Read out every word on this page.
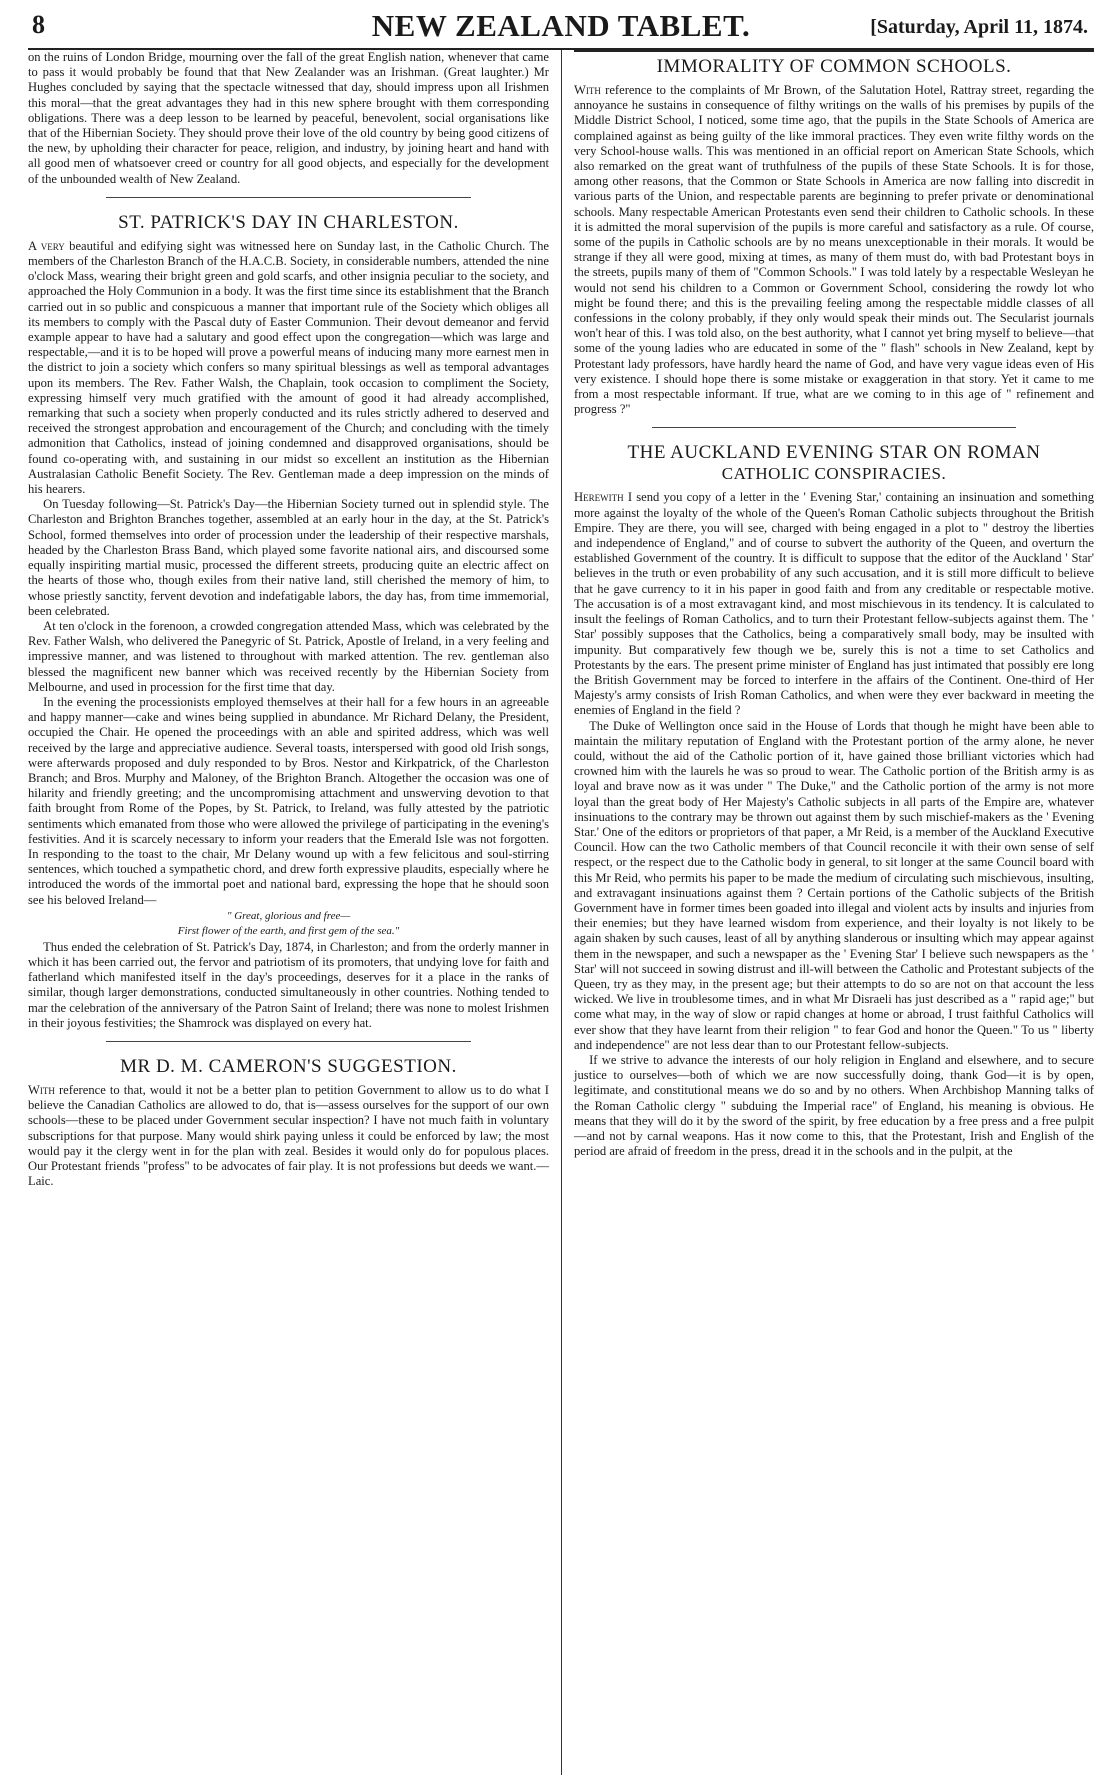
8	NEW ZEALAND TABLET.	[Saturday, April 11, 1874.

on the ruins of London Bridge, mourning over the fall of the great English nation, whenever that came to pass it would probably be found that that New Zealander was an Irishman. (Great laughter.) Mr Hughes concluded by saying that the spectacle witnessed that day, should impress upon all Irishmen this moral—that the great advantages they had in this new sphere brought with them corresponding obligations. There was a deep lesson to be learned by peaceful, benevolent, social organisations like that of the Hibernian Society. They should prove their love of the old country by being good citizens of the new, by upholding their character for peace, religion, and industry, by joining heart and hand with all good men of whatsoever creed or country for all good objects, and especially for the development of the unbounded wealth of New Zealand.

ST. PATRICK'S DAY IN CHARLESTON.

A very beautiful and edifying sight was witnessed here on Sunday last, in the Catholic Church. The members of the Charleston Branch of the H.A.C.B. Society, in considerable numbers, attended the nine o'clock Mass, wearing their bright green and gold scarfs, and other insignia peculiar to the society, and approached the Holy Communion in a body. It was the first time since its establishment that the Branch carried out in so public and conspicuous a manner that important rule of the Society which obliges all its members to comply with the Pascal duty of Easter Communion. Their devout demeanor and fervid example appear to have had a salutary and good effect upon the congregation—which was large and respectable,—and it is to be hoped will prove a powerful means of inducing many more earnest men in the district to join a society which confers so many spiritual blessings as well as temporal advantages upon its members. The Rev. Father Walsh, the Chaplain, took occasion to compliment the Society, expressing himself very much gratified with the amount of good it had already accomplished, remarking that such a society when properly conducted and its rules strictly adhered to deserved and received the strongest approbation and encouragement of the Church; and concluding with the timely admonition that Catholics, instead of joining condemned and disapproved organisations, should be found co-operating with, and sustaining in our midst so excellent an institution as the Hibernian Australasian Catholic Benefit Society. The Rev. Gentleman made a deep impression on the minds of his hearers.

On Tuesday following—St. Patrick's Day—the Hibernian Society turned out in splendid style. The Charleston and Brighton Branches together, assembled at an early hour in the day, at the St. Patrick's School, formed themselves into order of procession under the leadership of their respective marshals, headed by the Charleston Brass Band, which played some favorite national airs, and discoursed some equally inspiriting martial music, processed the different streets, producing quite an electric affect on the hearts of those who, though exiles from their native land, still cherished the memory of him, to whose priestly sanctity, fervent devotion and indefatigable labors, the day has, from time immemorial, been celebrated.

At ten o'clock in the forenoon, a crowded congregation attended Mass, which was celebrated by the Rev. Father Walsh, who delivered the Panegyric of St. Patrick, Apostle of Ireland, in a very feeling and impressive manner, and was listened to throughout with marked attention. The rev. gentleman also blessed the magnificent new banner which was received recently by the Hibernian Society from Melbourne, and used in procession for the first time that day.

In the evening the processionists employed themselves at their hall for a few hours in an agreeable and happy manner—cake and wines being supplied in abundance. Mr Richard Delany, the President, occupied the Chair. He opened the proceedings with an able and spirited address, which was well received by the large and appreciative audience. Several toasts, interspersed with good old Irish songs, were afterwards proposed and duly responded to by Bros. Nestor and Kirkpatrick, of the Charleston Branch; and Bros. Murphy and Maloney, of the Brighton Branch. Altogether the occasion was one of hilarity and friendly greeting; and the uncompromising attachment and unswerving devotion to that faith brought from Rome of the Popes, by St. Patrick, to Ireland, was fully attested by the patriotic sentiments which emanated from those who were allowed the privilege of participating in the evening's festivities. And it is scarcely necessary to inform your readers that the Emerald Isle was not forgotten. In responding to the toast to the chair, Mr Delany wound up with a few felicitous and soul-stirring sentences, which touched a sympathetic chord, and drew forth expressive plaudits, especially where he introduced the words of the immortal poet and national bard, expressing the hope that he should soon see his beloved Ireland—

" Great, glorious and free—
First flower of the earth, and first gem of the sea."

Thus ended the celebration of St. Patrick's Day, 1874, in Charleston; and from the orderly manner in which it has been carried out, the fervor and patriotism of its promoters, that undying love for faith and fatherland which manifested itself in the day's proceedings, deserves for it a place in the ranks of similar, though larger demonstrations, conducted simultaneously in other countries. Nothing tended to mar the celebration of the anniversary of the Patron Saint of Ireland; there was none to molest Irishmen in their joyous festivities; the Shamrock was displayed on every hat.

MR D. M. CAMERON'S SUGGESTION.

With reference to that, would it not be a better plan to petition Government to allow us to do what I believe the Canadian Catholics are allowed to do, that is—assess ourselves for the support of our own schools—these to be placed under Government secular inspection? I have not much faith in voluntary subscriptions for that purpose. Many would shirk paying unless it could be enforced by law; the most would pay it the clergy went in for the plan with zeal. Besides it would only do for populous places. Our Protestant friends "profess" to be advocates of fair play. It is not professions but deeds we want.—Laic.

IMMORALITY OF COMMON SCHOOLS.

With reference to the complaints of Mr Brown, of the Salutation Hotel, Rattray street, regarding the annoyance he sustains in consequence of filthy writings on the walls of his premises by pupils of the Middle District School, I noticed, some time ago, that the pupils in the State Schools of America are complained against as being guilty of the like immoral practices. They even write filthy words on the very School-house walls. This was mentioned in an official report on American State Schools, which also remarked on the great want of truthfulness of the pupils of these State Schools. It is for those, among other reasons, that the Common or State Schools in America are now falling into discredit in various parts of the Union, and respectable parents are beginning to prefer private or denominational schools. Many respectable American Protestants even send their children to Catholic schools. In these it is admitted the moral supervision of the pupils is more careful and satisfactory as a rule. Of course, some of the pupils in Catholic schools are by no means unexceptionable in their morals. It would be strange if they all were good, mixing at times, as many of them must do, with bad Protestant boys in the streets, pupils many of them of "Common Schools." I was told lately by a respectable Wesleyan he would not send his children to a Common or Government School, considering the rowdy lot who might be found there; and this is the prevailing feeling among the respectable middle classes of all confessions in the colony probably, if they only would speak their minds out. The Secularist journals won't hear of this. I was told also, on the best authority, what I cannot yet bring myself to believe—that some of the young ladies who are educated in some of the " flash" schools in New Zealand, kept by Protestant lady professors, have hardly heard the name of God, and have very vague ideas even of His very existence. I should hope there is some mistake or exaggeration in that story. Yet it came to me from a most respectable informant. If true, what are we coming to in this age of " refinement and progress ?"

THE AUCKLAND EVENING STAR ON ROMAN
CATHOLIC CONSPIRACIES.

Herewith I send you copy of a letter in the ' Evening Star,' containing an insinuation and something more against the loyalty of the whole of the Queen's Roman Catholic subjects throughout the British Empire. They are there, you will see, charged with being engaged in a plot to " destroy the liberties and independence of England," and of course to subvert the authority of the Queen, and overturn the established Government of the country. It is difficult to suppose that the editor of the Auckland ' Star' believes in the truth or even probability of any such accusation, and it is still more difficult to believe that he gave currency to it in his paper in good faith and from any creditable or respectable motive. The accusation is of a most extravagant kind, and most mischievous in its tendency. It is calculated to insult the feelings of Roman Catholics, and to turn their Protestant fellow-subjects against them. The ' Star' possibly supposes that the Catholics, being a comparatively small body, may be insulted with impunity. But comparatively few though we be, surely this is not a time to set Catholics and Protestants by the ears. The present prime minister of England has just intimated that possibly ere long the British Government may be forced to interfere in the affairs of the Continent. One-third of Her Majesty's army consists of Irish Roman Catholics, and when were they ever backward in meeting the enemies of England in the field ?

The Duke of Wellington once said in the House of Lords that though he might have been able to maintain the military reputation of England with the Protestant portion of the army alone, he never could, without the aid of the Catholic portion of it, have gained those brilliant victories which had crowned him with the laurels he was so proud to wear. The Catholic portion of the British army is as loyal and brave now as it was under " The Duke," and the Catholic portion of the army is not more loyal than the great body of Her Majesty's Catholic subjects in all parts of the Empire are, whatever insinuations to the contrary may be thrown out against them by such mischief-makers as the ' Evening Star.' One of the editors or proprietors of that paper, a Mr Reid, is a member of the Auckland Executive Council. How can the two Catholic members of that Council reconcile it with their own sense of self respect, or the respect due to the Catholic body in general, to sit longer at the same Council board with this Mr Reid, who permits his paper to be made the medium of circulating such mischievous, insulting, and extravagant insinuations against them ? Certain portions of the Catholic subjects of the British Government have in former times been goaded into illegal and violent acts by insults and injuries from their enemies; but they have learned wisdom from experience, and their loyalty is not likely to be again shaken by such causes, least of all by anything slanderous or insulting which may appear against them in the newspaper, and such a newspaper as the ' Evening Star' I believe such newspapers as the ' Star' will not succeed in sowing distrust and ill-will between the Catholic and Protestant subjects of the Queen, try as they may, in the present age; but their attempts to do so are not on that account the less wicked. We live in troublesome times, and in what Mr Disraeli has just described as a " rapid age;" but come what may, in the way of slow or rapid changes at home or abroad, I trust faithful Catholics will ever show that they have learnt from their religion " to fear God and honor the Queen." To us " liberty and independence" are not less dear than to our Protestant fellow-subjects.

If we strive to advance the interests of our holy religion in England and elsewhere, and to secure justice to ourselves—both of which we are now successfully doing, thank God—it is by open, legitimate, and constitutional means we do so and by no others. When Archbishop Manning talks of the Roman Catholic clergy " subduing the Imperial race" of England, his meaning is obvious. He means that they will do it by the sword of the spirit, by free education by a free press and a free pulpit—and not by carnal weapons. Has it now come to this, that the Protestant, Irish and English of the period are afraid of freedom in the press, dread it in the schools and in the pulpit, at the
